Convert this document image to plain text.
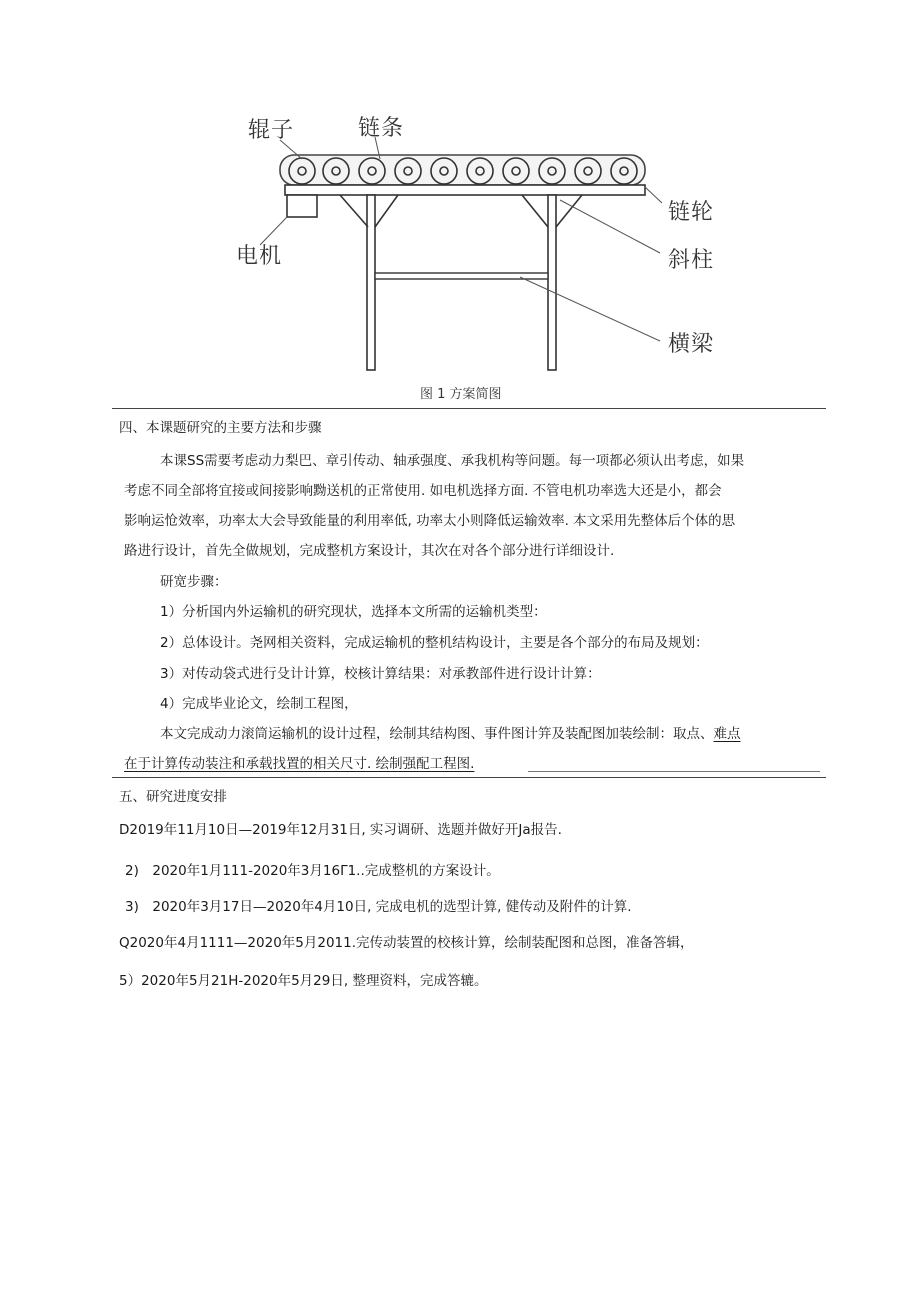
辊子	链条
链轮
电机	斜柱
横梁
图 1 方案简图
四、本课题研究的主要方法和步骤
本课SS需要考虑动力梨巴、章引传动、轴承强度、承我机构等问题。每一项都必须认出考虑，如果
考虑不同全部将宜接或间接影响黝送机的正常使用. 如电机选择方面. 不管电机功率选大还是小，都会
影响运怆效率，功率太大会导致能量的利用率低, 功率太小则降低运输效率. 本文采用先整体后个体的思
路进行设计，首先全做规划，完成整机方案设计，其次在对各个部分进行详细设计.
研宽步骤：
1）分析国内外运输机的研究现状，选择本文所需的运输机类型：
2）总体设计。尧网相关资料，完成运输机的整机结构设计，主要是各个部分的布局及规划：
3）对传动袋式进行殳计计算，校核计算结果：对承教部件进行设计计算：
4）完成毕业论文，绘制工程图，
本文完成动力滚筒运输机的设计过程，绘制其结构图、事件图计笄及装配图加装绘制：取点、难点
在于计算传动装注和承载找置的相关尺寸. 绘制强配工程图.
五、研究进度安排
D2019年11月10日—2019年12月31日, 实习调研、选题并做好开Ja报告.
2)　2020年1月111-2020年3月16Γ1..完成整机的方案设计。
3)　2020年3月17日—2020年4月10日, 完成电机的选型计算, 健传动及附件的计算.
Q2020年4月1111—2020年5月2011.完传动装置的校核计算，绘制装配图和总图，准备答辑，
5）2020年5月21H-2020年5月29日, 整理资料，完成答辘。
